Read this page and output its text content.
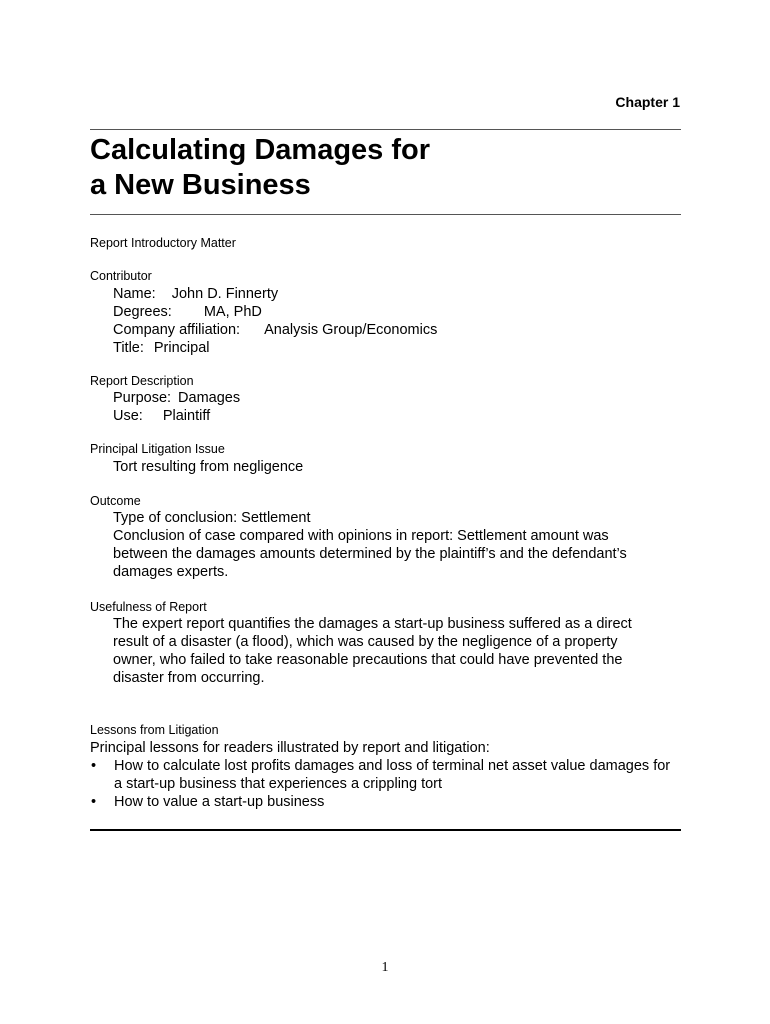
Chapter 1
Calculating Damages for
a New Business
Report Introductory Matter
Contributor
Name: John D. Finnerty
Degrees: MA, PhD
Company affiliation: Analysis Group/Economics
Title: Principal
Report Description
Purpose: Damages
Use: Plaintiff
Principal Litigation Issue
Tort resulting from negligence
Outcome
Type of conclusion: Settlement
Conclusion of case compared with opinions in report: Settlement amount was between the damages amounts determined by the plaintiff’s and the defendant’s damages experts.
Usefulness of Report
The expert report quantifies the damages a start-up business suffered as a direct result of a disaster (a flood), which was caused by the negligence of a property owner, who failed to take reasonable precautions that could have prevented the disaster from occurring.
Lessons from Litigation
Principal lessons for readers illustrated by report and litigation:
• How to calculate lost profits damages and loss of terminal net asset value damages for a start-up business that experiences a crippling tort
• How to value a start-up business
1
